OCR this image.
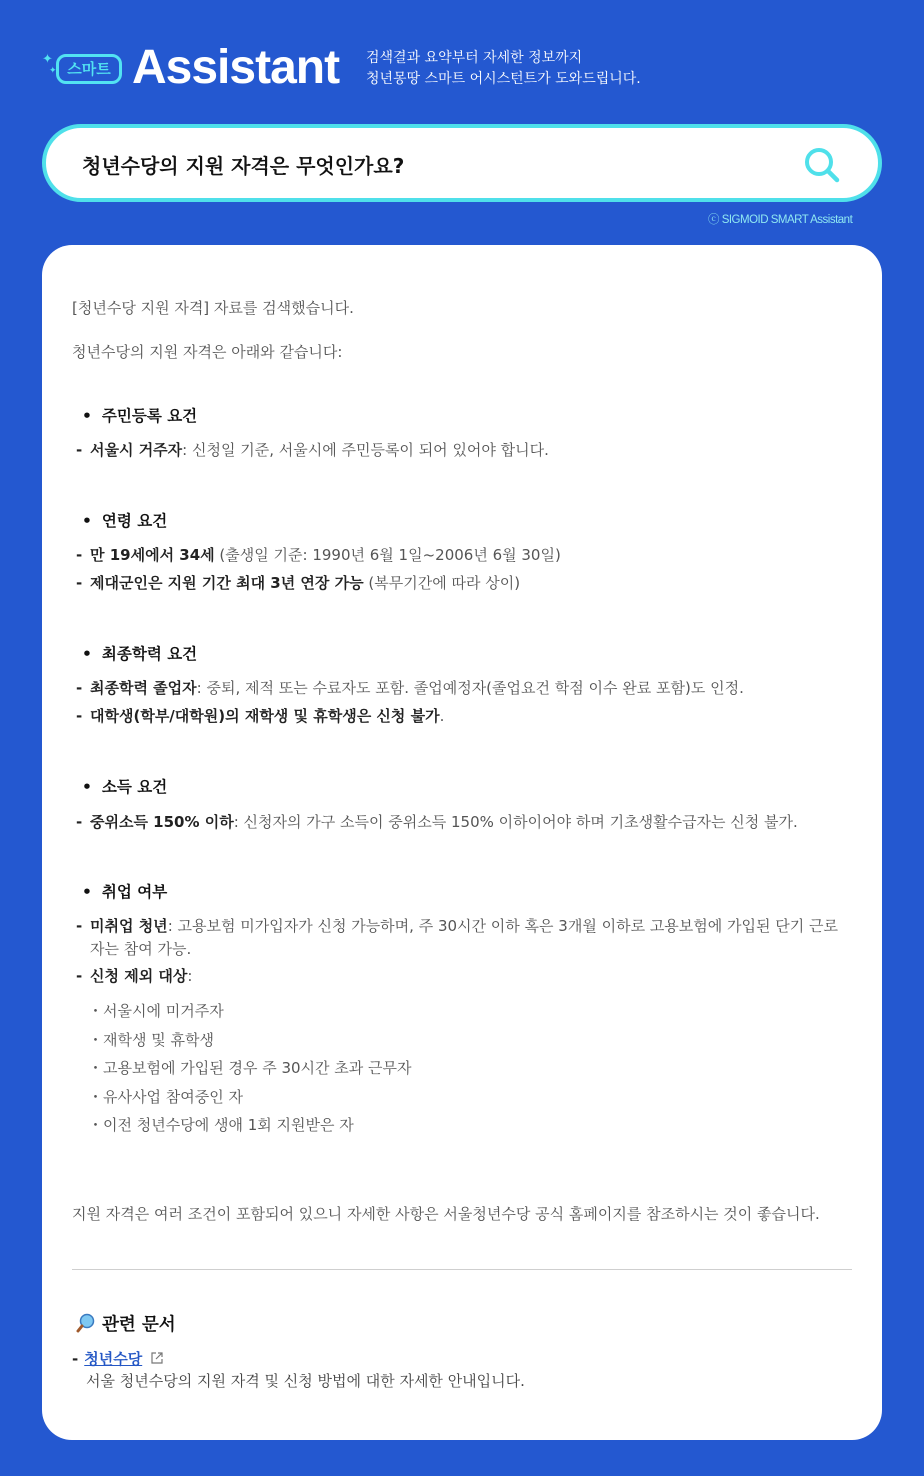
✦
✦ 스마트 Assistant 검색결과 요약부터 자세한 정보까지
청년몽땅 스마트 어시스턴트가 도와드립니다.
청년수당의 지원 자격은 무엇인가요?
ⓒ SIGMOID SMART Assistant
[청년수당 지원 자격] 자료를 검색했습니다.
청년수당의 지원 자격은 아래와 같습니다:
• 주민등록 요건
- 서울시 거주자: 신청일 기준, 서울시에 주민등록이 되어 있어야 합니다.
• 연령 요건
- 만 19세에서 34세 (출생일 기준: 1990년 6월 1일~2006년 6월 30일)
- 제대군인은 지원 기간 최대 3년 연장 가능 (복무기간에 따라 상이)
• 최종학력 요건
- 최종학력 졸업자: 중퇴, 제적 또는 수료자도 포함. 졸업예정자(졸업요건 학점 이수 완료 포함)도 인정.
- 대학생(학부/대학원)의 재학생 및 휴학생은 신청 불가.
• 소득 요건
- 중위소득 150% 이하: 신청자의 가구 소득이 중위소득 150% 이하이어야 하며 기초생활수급자는 신청 불가.
• 취업 여부
- 미취업 청년: 고용보험 미가입자가 신청 가능하며, 주 30시간 이하 혹은 3개월 이하로 고용보험에 가입된 단기 근로자는 참여 가능.
- 신청 제외 대상:
・서울시에 미거주자
・재학생 및 휴학생
・고용보험에 가입된 경우 주 30시간 초과 근무자
・유사사업 참여중인 자
・이전 청년수당에 생애 1회 지원받은 자
지원 자격은 여러 조건이 포함되어 있으니 자세한 사항은 서울청년수당 공식 홈페이지를 참조하시는 것이 좋습니다.
관련 문서
- 청년수당
서울 청년수당의 지원 자격 및 신청 방법에 대한 자세한 안내입니다.
